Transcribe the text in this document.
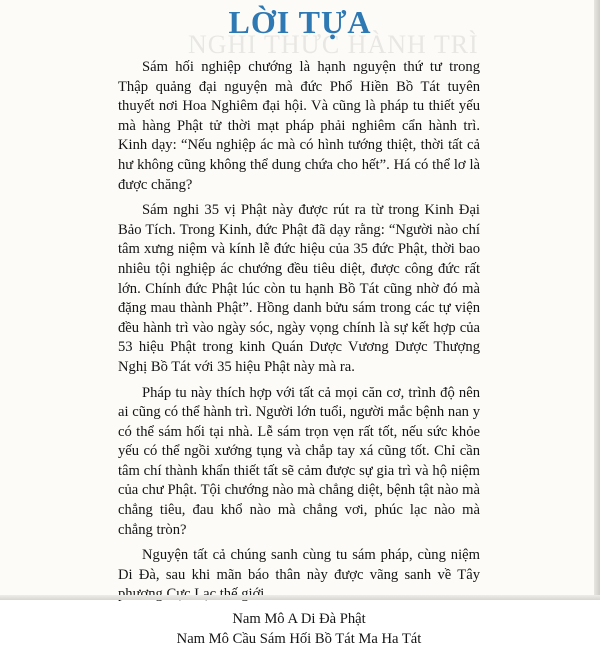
NGHI THỨC HÀNH TRÌ
LỜI TỰA

Sám hối nghiệp chướng là hạnh nguyện thứ tư trong Thập quảng đại nguyện mà đức Phổ Hiền Bồ Tát tuyên thuyết nơi Hoa Nghiêm đại hội. Và cũng là pháp tu thiết yếu mà hàng Phật tử thời mạt pháp phải nghiêm cẩn hành trì. Kinh dạy: “Nếu nghiệp ác mà có hình tướng thiệt, thời tất cả hư không cũng không thể dung chứa cho hết”. Há có thể lơ là được chăng?

Sám nghi 35 vị Phật này được rút ra từ trong Kinh Đại Bảo Tích. Trong Kinh, đức Phật đã dạy rằng: “Người nào chí tâm xưng niệm và kính lễ đức hiệu của 35 đức Phật, thời bao nhiêu tội nghiệp ác chướng đều tiêu diệt, được công đức rất lớn. Chính đức Phật lúc còn tu hạnh Bồ Tát cũng nhờ đó mà đặng mau thành Phật”. Hồng danh bửu sám trong các tự viện đều hành trì vào ngày sóc, ngày vọng chính là sự kết hợp của 53 hiệu Phật trong kinh Quán Dược Vương Dược Thượng Nghị Bồ Tát với 35 hiệu Phật này mà ra.

Pháp tu này thích hợp với tất cả mọi căn cơ, trình độ nên ai cũng có thể hành trì. Người lớn tuổi, người mắc bệnh nan y có thể sám hối tại nhà. Lễ sám trọn vẹn rất tốt, nếu sức khỏe yếu có thể ngồi xướng tụng và chắp tay xá cũng tốt. Chỉ cần tâm chí thành khẩn thiết tất sẽ cảm được sự gia trì và hộ niệm của chư Phật. Tội chướng nào mà chẳng diệt, bệnh tật nào mà chẳng tiêu, đau khổ nào mà chẳng vơi, phúc lạc nào mà chẳng tròn?

Nguyện tất cả chúng sanh cùng tu sám pháp, cùng niệm Di Đà, sau khi mãn báo thân này được vãng sanh về Tây

Nam Mô A Di Đà Phật
Nam Mô Cầu Sám Hối Bồ Tát Ma Ha Tát
